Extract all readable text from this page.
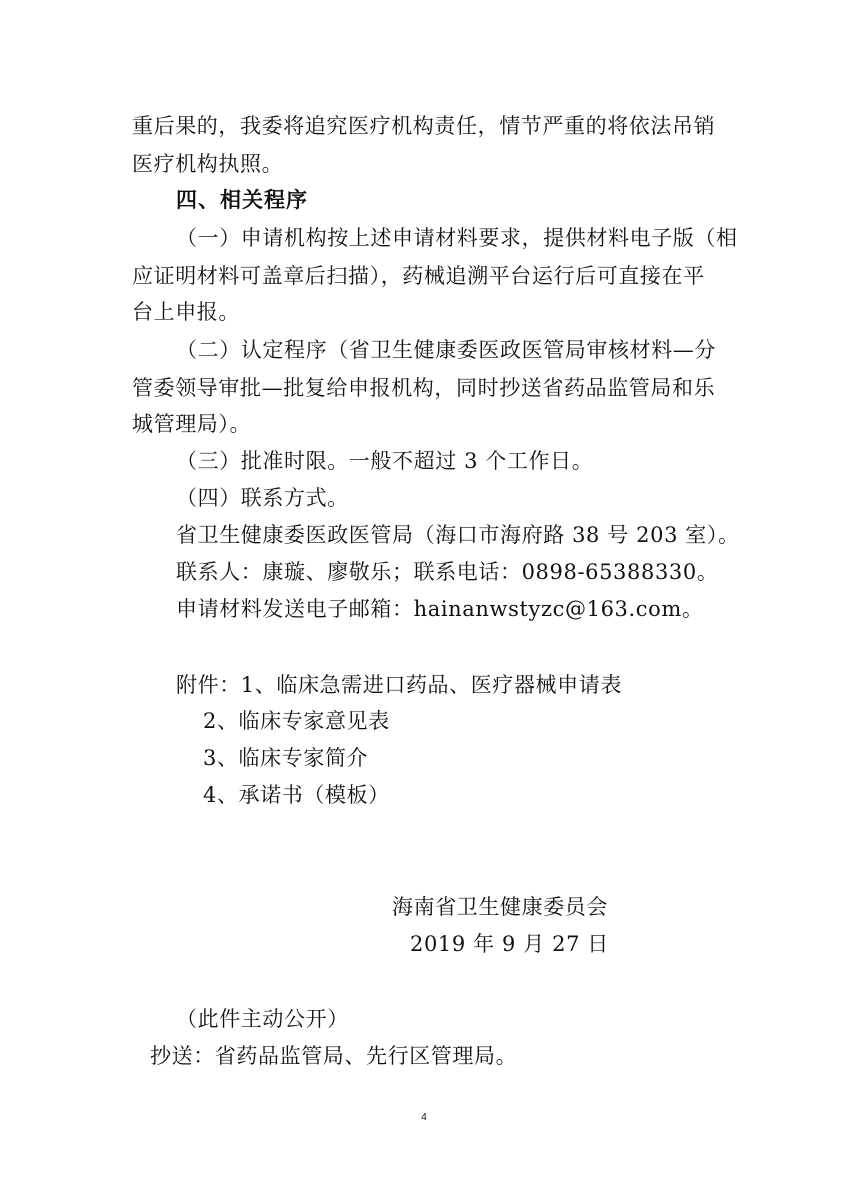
重后果的，我委将追究医疗机构责任，情节严重的将依法吊销
医疗机构执照。
四、相关程序
（一）申请机构按上述申请材料要求，提供材料电子版（相
应证明材料可盖章后扫描），药械追溯平台运行后可直接在平
台上申报。
（二）认定程序（省卫生健康委医政医管局审核材料—分
管委领导审批—批复给申报机构，同时抄送省药品监管局和乐
城管理局）。
（三）批准时限。一般不超过 3 个工作日。
（四）联系方式。
省卫生健康委医政医管局（海口市海府路 38 号 203 室）。
联系人：康璇、廖敬乐；联系电话：0898-65388330。
申请材料发送电子邮箱：hainanwstyzc@163.com。
附件：1、临床急需进口药品、医疗器械申请表
2、临床专家意见表
3、临床专家简介
4、承诺书（模板）
海南省卫生健康委员会
2019 年 9 月 27 日
（此件主动公开）
抄送：省药品监管局、先行区管理局。
4
